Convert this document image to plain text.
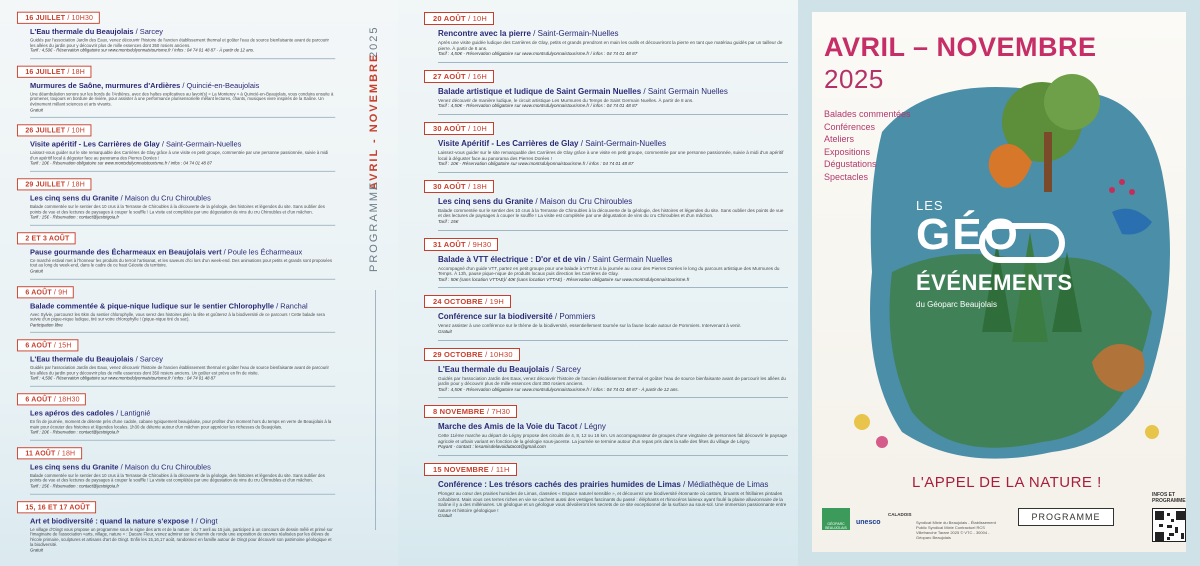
16 JUILLET / 10H30
L'Eau thermale du Beaujolais / Sarcey
Guidés par l'association Jardin des Eaux, venez découvrir l'histoire de l'ancien établissement thermal et goûter l'eau de source bienfaisante avant de parcourir les allées du jardin pour y découvrir plus de mille essences dont 350 rosiers anciens.
Tarif : 4,50€ - Réservation obligatoire sur www.montsdulyonnaistourisme.fr / infos : 04 74 01 48 87 - À partir de 12 ans.
16 JUILLET / 18H
Murmures de Saône, murmures d'Ardières / Quincié-en-Beaujolais
Une déambulation sonore sur les bords de l'Ardières, avec des haltes explicatives au lavoir(s) « La Monterey » à Quincié-en-Beaujolais, vous conduira ensuite à promener, toujours en bordure de rivière, pour assister à une performance plurisensorielle mêlant lectures, chants, musiques vivre inspirés de la Saône. Un événement mêlant sciences et arts vivants.
Gratuit
26 JUILLET / 10H
Visite apéritif - Les Carrières de Glay / Saint-Germain-Nuelles
Laissez-vous guider sur le site remarquable des Carrières de Glay grâce à une visite en petit groupe, commentée par une personne passionnée, suivie à midi d'un apéritif local à déguster face au panorama des Pierres Dorées !
Tarif : 10€ - Réservation obligatoire sur www.montsdulyonnaistourisme.fr / infos : 04 74 01 48 87
29 JUILLET / 18H
Les cinq sens du Granite / Maison du Cru Chiroubles
Balade commentée sur le sentier des 10 crus à la Terrasse de Chiroubles à la découverte de la géologie, des histoires et légendes du site. Sans oublier des points de vue et des lectures de paysages à couper le souffle ! La visite est complétée par une dégustation de vins du cru Chiroubles et d'un mâchon.
Tarif : 15€ - Réservation : contact@jestoigoia.fr
2 ET 3 AOÛT
Pause gourmande des Écharmeaux en Beaujolais vert / Poule les Écharmeaux
Ce marché estival met à l'honneur les produits du terroir l'artisanat, et les saveurs d'ici lors d'un week-end. Des animations pour petits et grands sont proposées tout au long du week-end, dans le cadre de ce haut Géosite du territoire.
Gratuit
6 AOÛT / 9H
Balade commentée & pique-nique ludique sur le sentier Chlorophylle / Ranchal
Avec Sylvie, parcourez les 6km du sentier chlorophylle, vous serez des histoires plein la tête et goûterez à la biodiversité de ce parcours ! Cette balade sera suivie d'un pique-nique ludique, tiré sur votre chlorophylle ! (pique-nique tiré du sac).
Participation libre
6 AOÛT / 15H
L'Eau thermale du Beaujolais / Sarcey
Guidés par l'association Jardin des Eaux, venez découvrir l'histoire de l'ancien établissement thermal et goûter l'eau de source bienfaisante avant de parcourir les allées du jardin pour y découvrir plus de mille essences dont 350 rosiers anciens. Un goûter est prévu en fin de visite.
Tarif : 4,50€ - Réservation obligatoire sur www.montsdulyonnaistourisme.fr / infos : 04 74 01 48 87
6 AOÛT / 18H30
Les apéros des cadoles / Lantignié
En fin de journée, moment de détente près d'une cadole, cabane typiquement beaujolaise, pour profiter d'un moment hors du temps en verre de Beaujolais à la main pour écouter des histoires et légendes locales. 1h30 de détente autour d'un mâchon pour apprécier les richesses du Beaujolais.
Tarif : 20€ - Réservation : contact@jestoigoia.fr
11 AOÛT / 18H
Les cinq sens du Granite / Maison du Cru Chiroubles
Balade commentée sur le sentier des 10 crus à la Terrasse de Chiroubles à la découverte de la géologie, des histoires et légendes du site. Sans oublier des points de vue et des lectures de paysages à couper le souffle ! La visite est complétée par une dégustation de vins du cru Chiroubles et d'un mâchon.
Tarif : 15€ - Réservation : contact@jestoigoia.fr
15, 16 ET 17 AOÛT
Art et biodiversité : quand la nature s'expose ! / Oingt
Le village d'Oingt vous propose un programme sous le signe des arts et de la nature : du 7 avril au 15 juin, participez à un concours de dessin mêlé et primé sur l'imaginaire de l'association «arts, village, nature » : Dacare Fleur, venez admirer sur le chemin de ronde une exposition de œuvres réalisées par les élèves de l'école primaire, sculptures et artisans d'art de Oingt. Enfin les 15,16,17 août, randonnez en famille autour de Oingt pour découvrir son patrimoine géologique et la biodiversité.
Gratuit
20 AOÛT / 10H
Rencontre avec la pierre / Saint-Germain-Nuelles
Après une visite guidée ludique des Carrières de Glay, petits et grands prendront en main les outils et découvriront la pierre en tant que matériau guidés par un tailleur de pierre. À partir de 8 ans.
Tarif : 4,50€ - Réservation obligatoire sur www.montsdulyonnaistourisme.fr / infos : 04 74 01 48 87
27 AOÛT / 16H
Balade artistique et ludique de Saint Germain Nuelles / Saint Germain Nuelles
Venez découvrir de manière ludique, le circuit artistique Les Murmures du Temps de Saint Germain Nuelles. À partir de 8 ans.
Tarif : 4,50€ - Réservation obligatoire sur www.montsdulyonnaistourisme.fr / infos : 04 74 01 48 87
30 AOÛT / 10H
Visite Apéritif - Les Carrières de Glay / Saint-Germain-Nuelles
Laissez-vous guider sur le site remarquable des Carrières de Glay grâce à une visite en petit groupe, commentée par une personne passionnée, suivie à midi d'un apéritif local à déguster face au panorama des Pierres Dorées !
Tarif : 10€ - Réservation obligatoire sur www.montsdulyonnaistourisme.fr / infos : 04 74 01 48 87
30 AOÛT / 18H
Les cinq sens du Granite / Maison du Cru Chiroubles
Balade commentée sur le sentier des 10 crus à la Terrasse de Chiroubles à la découverte de la géologie, des histoires et légendes du site. Sans oublier des points de vue et des lectures de paysages à couper le souffle ! La visite est complétée par une dégustation de vins du cru Chiroubles et d'un mâchon.
Tarif : 15€
31 AOÛT / 9H30
Balade à VTT électrique : D'or et de vin / Saint Germain Nuelles
Accompagné d'un guide VTT, partez en petit groupe pour une balade à VTTAE à la journée au cœur des Pierres Dorées le long du parcours artistique des Murmures du Temps. À 13h, pause pique-nique de produits locaux puis direction les Carrières de Glay.
Tarif : 50€ (sans location VTTAE)/ 40€ (sans location VTTAE) - Réservation obligatoire sur www.montsdulyonnaistourisme.fr
24 OCTOBRE / 19H
Conférence sur la biodiversité / Pommiers
Venez assister à une conférence sur le thème de la biodiversité, essentiellement tournée sur la faune locale autour de Pommiers. Intervenant à venir.
Gratuit
29 OCTOBRE / 10H30
L'Eau thermale du Beaujolais / Sarcey
Guidés par l'association Jardin des Eaux, venez découvrir l'histoire de l'ancien établissement thermal et goûter l'eau de source bienfaisante avant de parcourir les allées du jardin pour y découvrir plus de mille essences dont 350 rosiers anciens.
Tarif : 4,50€ - Réservation obligatoire sur www.montsdulyonnaistourisme.fr / infos : 04 74 01 48 87 - À partir de 12 ans.
8 NOVEMBRE / 7H30
Marche des Amis de la Voie du Tacot / Légny
Cette 11ème marche au départ de Légny propose des circuits de 4, 8, 12 ou 16 km. Un accompagnateur de groupes d'une vingtaine de personnes fait découvrir le paysage agricole et urbain variant en fonction de la géologie sous-jacente. La journée se termine autour d'un repas pris dans la salle des fêtes du village de Légny.
Payant - contact : lesamisdelavoidutacot@gmail.com
15 NOVEMBRE / 11H
Conférence : Les trésors cachés des prairies humides de Limas / Médiathèque de Limas
Plongez au cœur des prairies humides de Limas, classées « Espace naturel sensible », et découvrez une biodiversité étonnante où castors, bruants et fritillaires pintades cohabitent. Mais vous ces terres riches en vie se cachent aussi des vestiges fascinants du passé : éléphants et rhinocéros laineux ayant foulé la plaine alluvionnaire de la Saône il y a des millénaires. Un géologue et un géologue vous dévoileront les secrets de ce site exceptionnel de la surface au sous-sol. Une immersion passionnante entre nature et histoire géologique !
Gratuit
2025
AVRIL - NOVEMBRE
PROGRAMME
AVRIL – NOVEMBRE
2025
Balades commentées
Conférences
Ateliers
Expositions
Dégustations
Spectacles
LES
GÉO
ÉVÉNEMENTS
du Géoparc Beaujolais
L'APPEL DE LA NATURE !
PROGRAMME
GÉOPARC BEAUJOLAIS
unesco
CALADOIS
Syndicat Mixte du Beaujolais - Établissement Public Syndical Mixte Contractuel RCS Villefranche Tarare 2025 © VTC - 30004 - Géoparc Beaujolais
INFOS ET PROGRAMME
